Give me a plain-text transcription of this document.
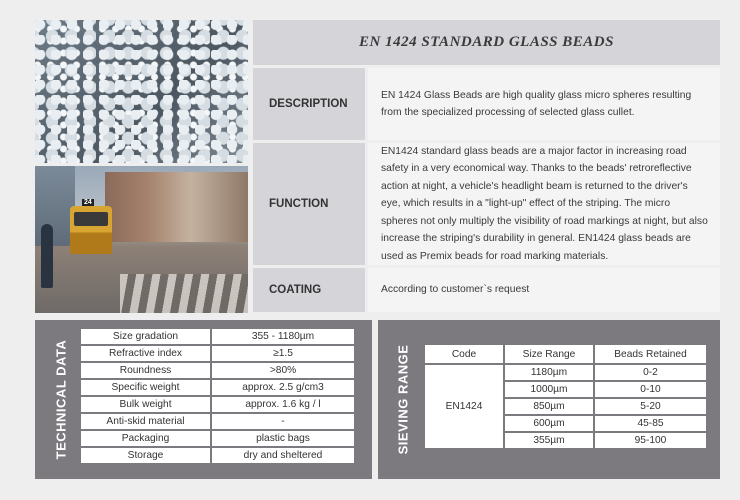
24
EN 1424 STANDARD GLASS BEADS
DESCRIPTION
EN 1424 Glass Beads are high quality glass micro spheres resulting from the specialized processing of selected glass cullet.
FUNCTION
EN1424 standard glass beads are a major factor in increasing road safety in a very economical way. Thanks to the beads' retroreflective action at night, a vehicle's headlight beam is returned to the driver's eye, which results in a "light-up" effect of the striping. The micro spheres not only multiply the visibility of road markings at night, but also increase the striping's durability in general. EN1424 glass beads are used as Premix beads for road marking materials.
COATING	According to customer`s request
TECHNICAL DATA
Size gradation	355 - 1180µm
Refractive index	≥1.5
Roundness	>80%
Specific weight	approx. 2.5 g/cm3
Bulk weight	approx. 1.6 kg / l
Anti-skid material	-
Packaging	plastic bags
Storage	dry and sheltered
SIEVING RANGE	Code	Size Range	Beads Retained
EN1424	1180µm	0-2
	1000µm	0-10
	850µm	5-20
	600µm	45-85
	355µm	95-100
